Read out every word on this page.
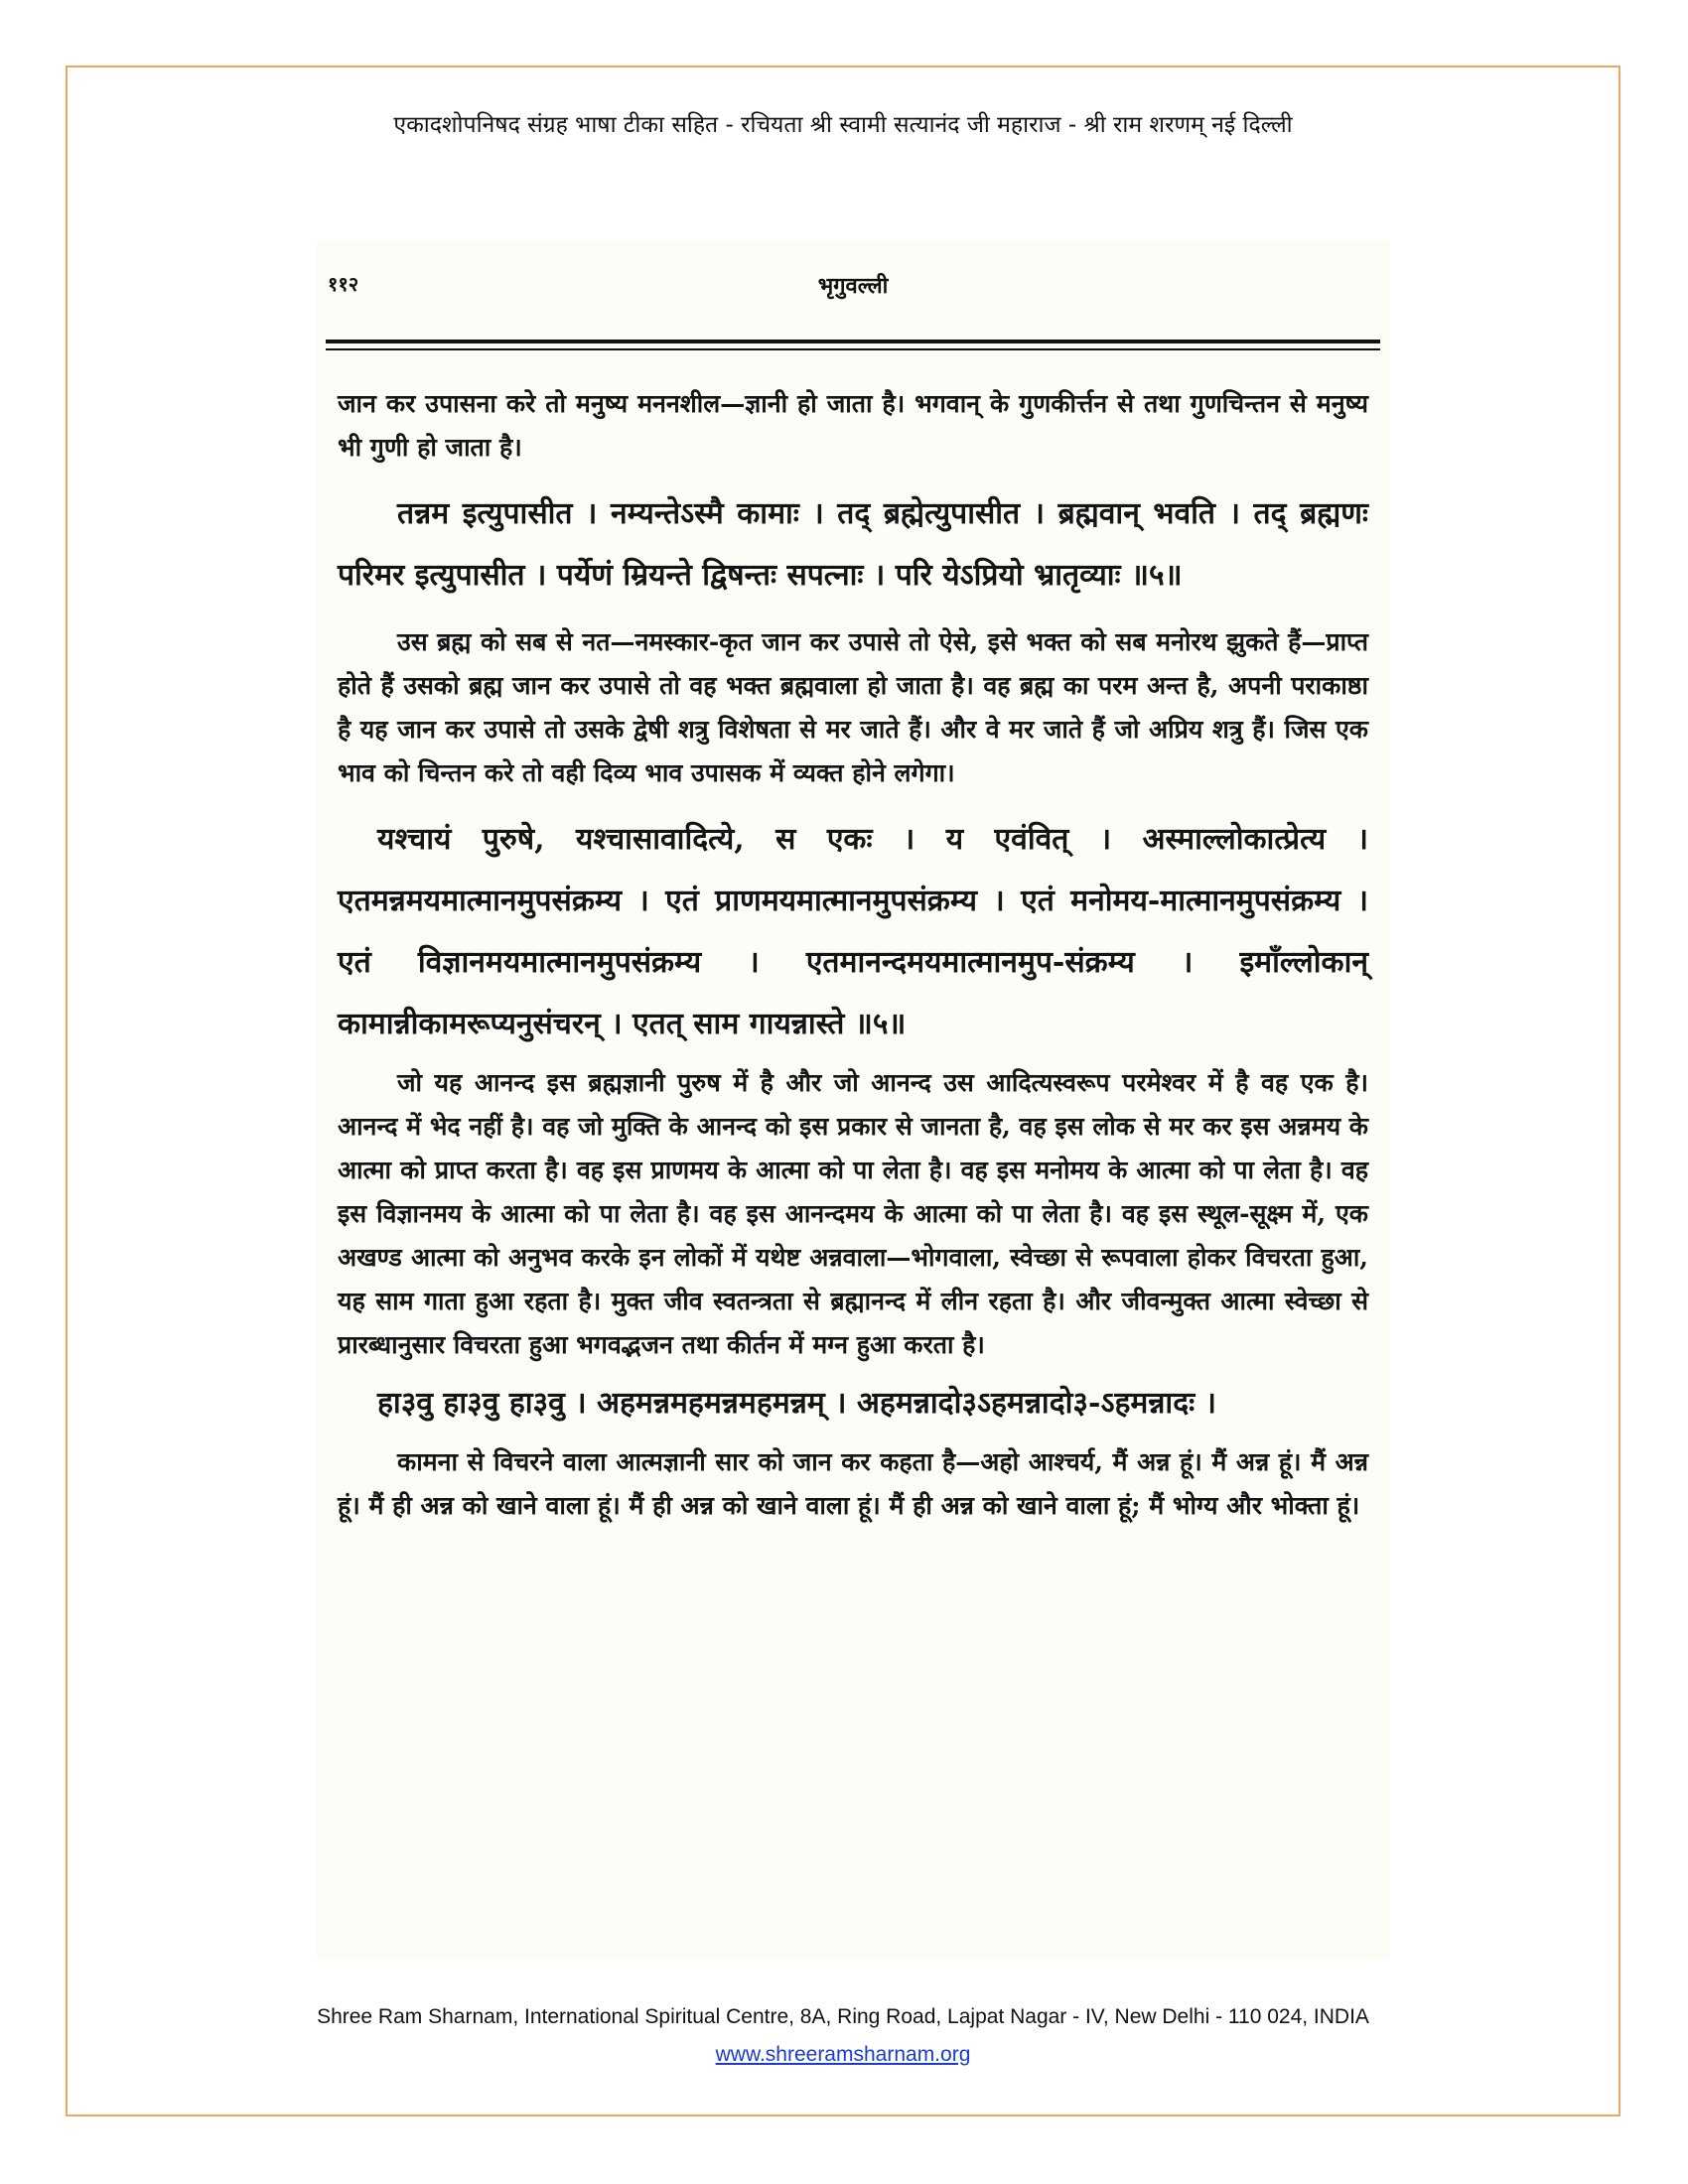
एकादशोपनिषद संग्रह भाषा टीका सहित - रचियता श्री स्वामी सत्यानंद जी महाराज - श्री राम शरणम् नई दिल्ली
११२	भृगुवल्ली

जान कर उपासना करे तो मनुष्य मननशील—ज्ञानी हो जाता है। भगवान् के गुणकीर्त्तन से तथा गुणचिन्तन से मनुष्य भी गुणी हो जाता है।

तन्नम इत्युपासीत । नम्यन्तेऽस्मै कामाः । तद् ब्रह्मेत्युपासीत । ब्रह्मवान् भवति । तद् ब्रह्मणः परिमर इत्युपासीत । पर्येणं म्रियन्ते द्विषन्तः सपत्नाः । परि येऽप्रियो भ्रातृव्याः ॥५॥

उस ब्रह्म को सब से नत—नमस्कार-कृत जान कर उपासे तो ऐसे, इसे भक्त को सब मनोरथ झुकते हैं—प्राप्त होते हैं उसको ब्रह्म जान कर उपासे तो वह भक्त ब्रह्मवाला हो जाता है। वह ब्रह्म का परम अन्त है, अपनी पराकाष्ठा है यह जान कर उपासे तो उसके द्वेषी शत्रु विशेषता से मर जाते हैं। और वे मर जाते हैं जो अप्रिय शत्रु हैं। जिस एक भाव को चिन्तन करे तो वही दिव्य भाव उपासक में व्यक्त होने लगेगा।

यश्चायं पुरुषे, यश्चासावादित्ये, स एकः । य एवंवित् । अस्माल्लोकात्प्रेत्य । एतमन्नमयमात्मानमुपसंक्रम्य । एतं प्राणमयमात्मानमुपसंक्रम्य । एतं मनोमय-मात्मानमुपसंक्रम्य । एतं विज्ञानमयमात्मानमुपसंक्रम्य । एतमानन्दमयमात्मानमुप-संक्रम्य । इमाँल्लोकान् कामान्नीकामरूप्यनुसंचरन् । एतत् साम गायन्नास्ते ॥५॥

जो यह आनन्द इस ब्रह्मज्ञानी पुरुष में है और जो आनन्द उस आदित्यस्वरूप परमेश्वर में है वह एक है। आनन्द में भेद नहीं है। वह जो मुक्ति के आनन्द को इस प्रकार से जानता है, वह इस लोक से मर कर इस अन्नमय के आत्मा को प्राप्त करता है। वह इस प्राणमय के आत्मा को पा लेता है। वह इस मनोमय के आत्मा को पा लेता है। वह इस विज्ञानमय के आत्मा को पा लेता है। वह इस आनन्दमय के आत्मा को पा लेता है। वह इस स्थूल-सूक्ष्म में, एक अखण्ड आत्मा को अनुभव करके इन लोकों में यथेष्ट अन्नवाला—भोगवाला, स्वेच्छा से रूपवाला होकर विचरता हुआ, यह साम गाता हुआ रहता है। मुक्त जीव स्वतन्त्रता से ब्रह्मानन्द में लीन रहता है। और जीवन्मुक्त आत्मा स्वेच्छा से प्रारब्धानुसार विचरता हुआ भगवद्भजन तथा कीर्तन में मग्न हुआ करता है।

हा३वु हा३वु हा३वु । अहमन्नमहमन्नमहमन्नम् । अहमन्नादो३ऽहमन्नादो३-ऽहमन्नादः ।

कामना से विचरने वाला आत्मज्ञानी सार को जान कर कहता है—अहो आश्चर्य, मैं अन्न हूं। मैं अन्न हूं। मैं अन्न हूं। मैं ही अन्न को खाने वाला हूं। मैं ही अन्न को खाने वाला हूं। मैं ही अन्न को खाने वाला हूं; मैं भोग्य और भोक्ता हूं।

Shree Ram Sharnam, International Spiritual Centre, 8A, Ring Road, Lajpat Nagar - IV, New Delhi - 110 024, INDIA
www.shreeramsharnam.org
